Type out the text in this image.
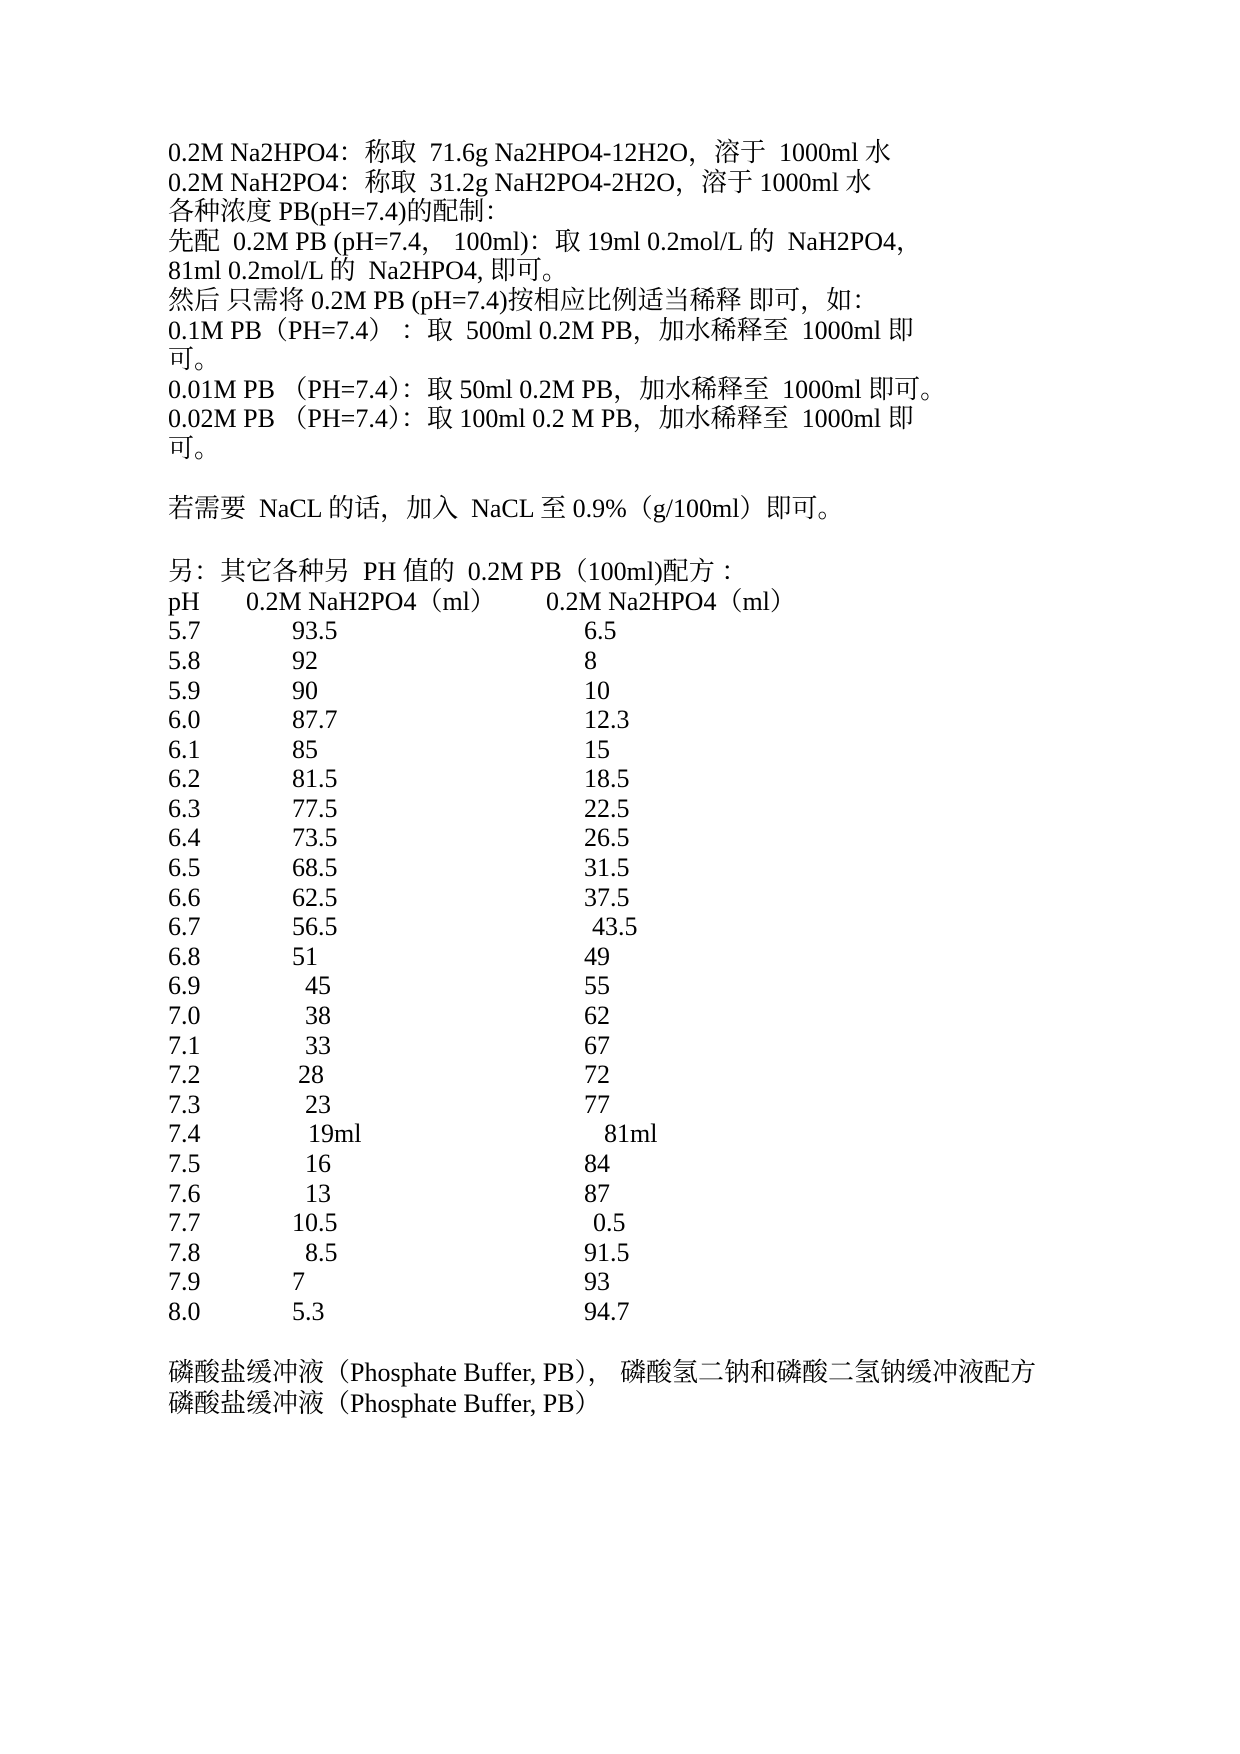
0.2M Na2HPO4：称取  71.6g Na2HPO4-12H2O，溶于  1000ml 水
0.2M NaH2PO4：称取  31.2g NaH2PO4-2H2O，溶于 1000ml 水
各种浓度 PB(pH=7.4)的配制：
先配  0.2M PB (pH=7.4， 100ml)：取 19ml 0.2mol/L 的  NaH2PO4，
81ml 0.2mol/L 的  Na2HPO4, 即可。
然后 只需将 0.2M PB (pH=7.4)按相应比例适当稀释 即可，如：
0.1M PB（PH=7.4） ：取  500ml 0.2M PB，加水稀释至  1000ml 即
可。
0.01M PB （PH=7.4）：取 50ml 0.2M PB，加水稀释至  1000ml 即可。
0.02M PB （PH=7.4）：取 100ml 0.2 M PB，加水稀释至  1000ml 即
可。
若需要  NaCL 的话，加入  NaCL 至 0.9%（g/100ml）即可。
另：其它各种另  PH 值的  0.2M PB（100ml)配方 ：
pH	0.2M NaH2PO4（ml）	0.2M Na2HPO4（ml）
5.7	93.5	6.5
5.8	92	8
5.9	90	10
6.0	87.7	12.3
6.1	85	15
6.2	81.5	18.5
6.3	77.5	22.5
6.4	73.5	26.5
6.5	68.5	31.5
6.6	62.5	37.5
6.7	56.5	43.5
6.8	51	49
6.9	45	55
7.0	38	62
7.1	33	67
7.2	28	72
7.3	23	77
7.4	19ml	81ml
7.5	16	84
7.6	13	87
7.7	10.5	0.5
7.8	8.5	91.5
7.9	7	93
8.0	5.3	94.7
磷酸盐缓冲液（Phosphate Buffer, PB）， 磷酸氢二钠和磷酸二氢钠缓冲液配方
磷酸盐缓冲液（Phosphate Buffer, PB）
